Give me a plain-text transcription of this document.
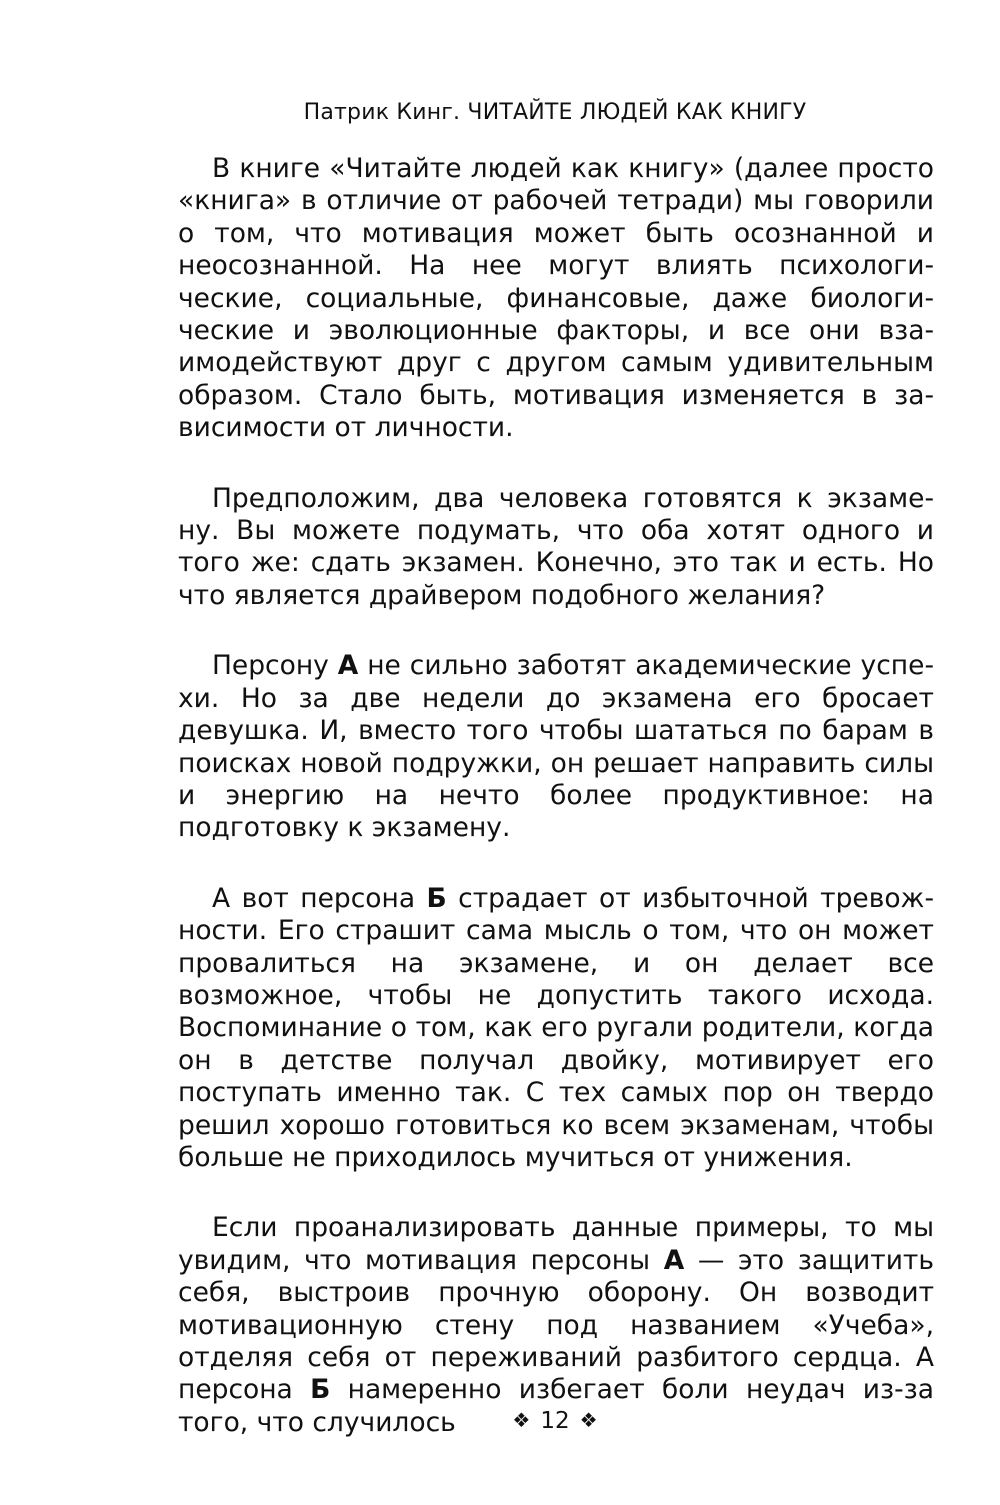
Патрик Кинг. ЧИТАЙТЕ ЛЮДЕЙ КАК КНИГУ

В книге «Читайте людей как книгу» (далее просто «книга» в отличие от рабочей тетради) мы говорили о том, что мотивация может быть осознанной и неосознанной. На нее могут влиять психологические, социальные, финансовые, даже биологические и эволюционные факторы, и все они взаимодействуют друг с другом самым удивительным образом. Стало быть, мотивация изменяется в зависимости от личности.

Предположим, два человека готовятся к экзамену. Вы можете подумать, что оба хотят одного и того же: сдать экзамен. Конечно, это так и есть. Но что является драйвером подобного желания?

Персону А не сильно заботят академические успехи. Но за две недели до экзамена его бросает девушка. И, вместо того чтобы шататься по барам в поисках новой подружки, он решает направить силы и энергию на нечто более продуктивное: на подготовку к экзамену.

А вот персона Б страдает от избыточной тревожности. Его страшит сама мысль о том, что он может провалиться на экзамене, и он делает все возможное, чтобы не допустить такого исхода. Воспоминание о том, как его ругали родители, когда он в детстве получал двойку, мотивирует его поступать именно так. С тех самых пор он твердо решил хорошо готовиться ко всем экзаменам, чтобы больше не приходилось мучиться от унижения.

Если проанализировать данные примеры, то мы увидим, что мотивация персоны А — это защитить себя, выстроив прочную оборону. Он возводит мотивационную стену под названием «Учеба», отделяя себя от переживаний разбитого сердца. А персона Б намеренно избегает боли неудач из-за того, что случилось	❖ 12 ❖
